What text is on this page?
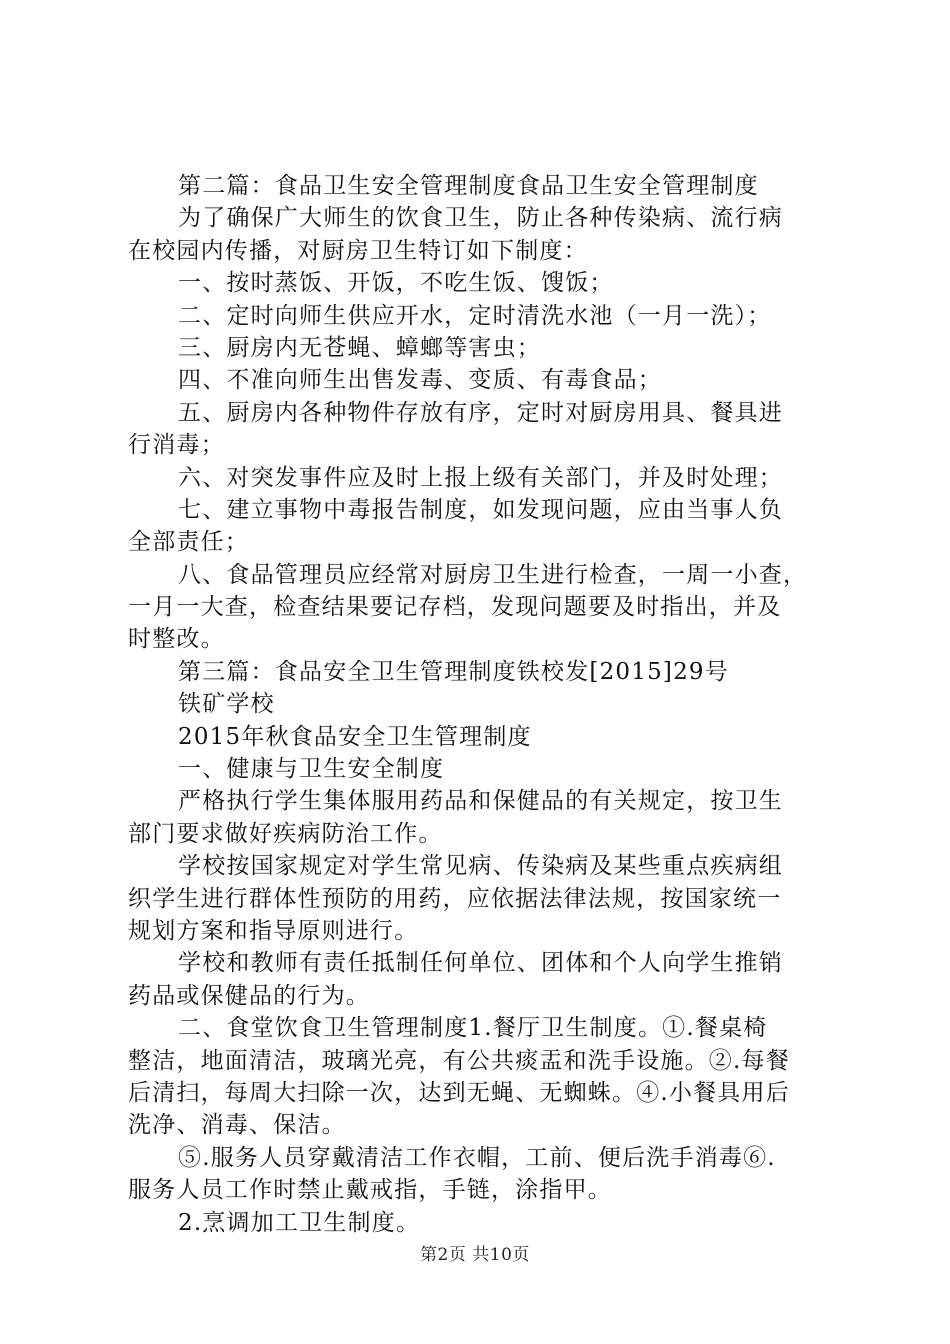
第二篇：食品卫生安全管理制度食品卫生安全管理制度
为了确保广大师生的饮食卫生，防止各种传染病、流行病
在校园内传播，对厨房卫生特订如下制度：
一、按时蒸饭、开饭，不吃生饭、馊饭；
二、定时向师生供应开水，定时清洗水池（一月一洗）；
三、厨房内无苍蝇、蟑螂等害虫；
四、不准向师生出售发毒、变质、有毒食品；
五、厨房内各种物件存放有序，定时对厨房用具、餐具进
行消毒；
六、对突发事件应及时上报上级有关部门，并及时处理；
七、建立事物中毒报告制度，如发现问题，应由当事人负
全部责任；
八、食品管理员应经常对厨房卫生进行检查，一周一小查，
一月一大查，检查结果要记存档，发现问题要及时指出，并及
时整改。
第三篇：食品安全卫生管理制度铁校发[2015]29号
铁矿学校
2015年秋食品安全卫生管理制度
一、健康与卫生安全制度
严格执行学生集体服用药品和保健品的有关规定，按卫生
部门要求做好疾病防治工作。
学校按国家规定对学生常见病、传染病及某些重点疾病组
织学生进行群体性预防的用药，应依据法律法规，按国家统一
规划方案和指导原则进行。
学校和教师有责任抵制任何单位、团体和个人向学生推销
药品或保健品的行为。
二、食堂饮食卫生管理制度1.餐厅卫生制度。①.餐桌椅
整洁，地面清洁，玻璃光亮，有公共痰盂和洗手设施。②.每餐
后清扫，每周大扫除一次，达到无蝇、无蜘蛛。④.小餐具用后
洗净、消毒、保洁。
⑤.服务人员穿戴清洁工作衣帽，工前、便后洗手消毒⑥.
服务人员工作时禁止戴戒指，手链，涂指甲。
2.烹调加工卫生制度。
第2页 共10页
